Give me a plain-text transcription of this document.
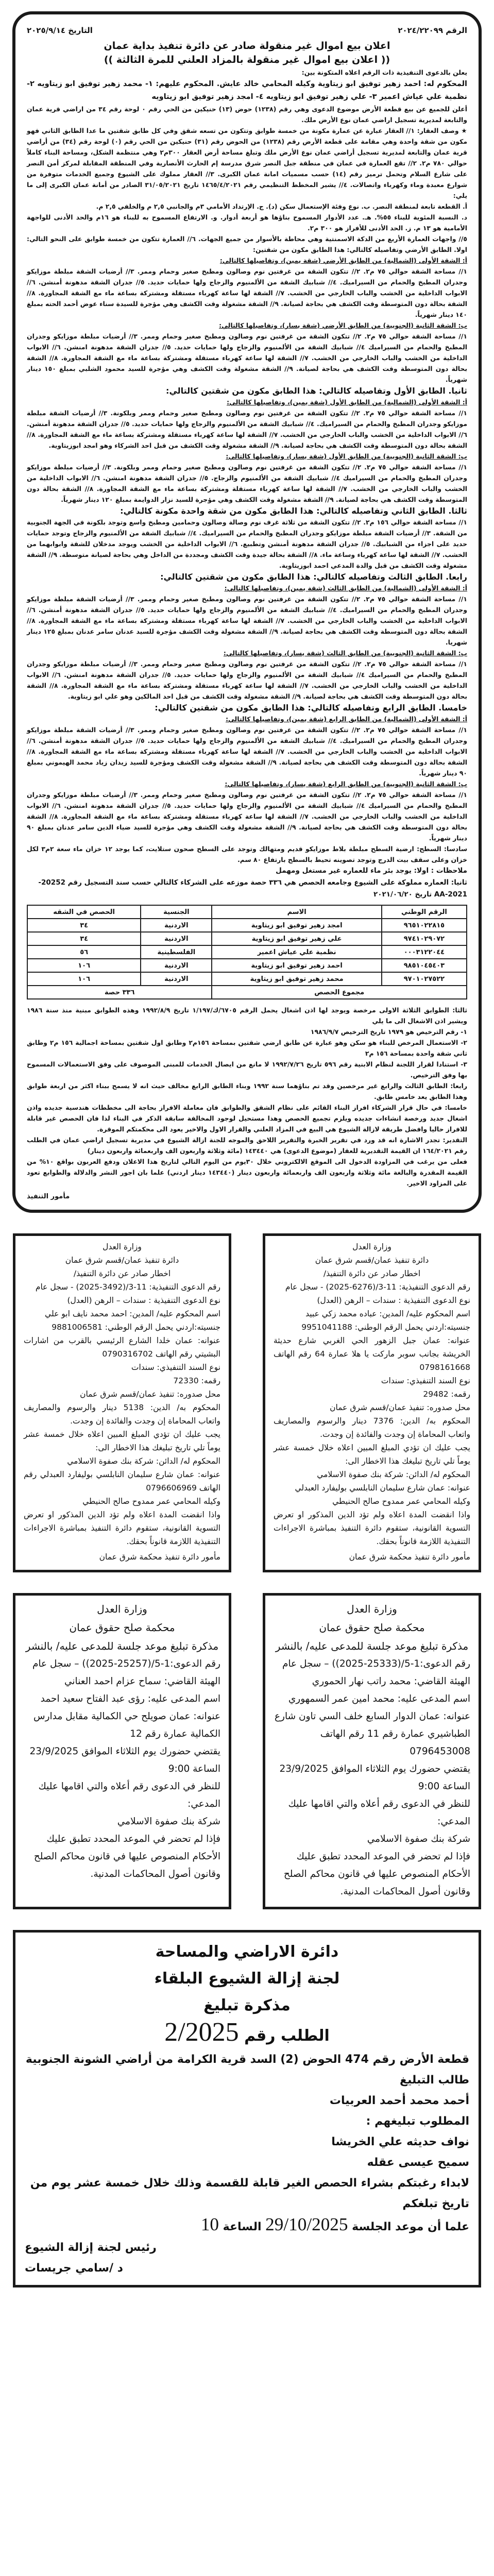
الرقم ٢٠٢٤/٢٢٠٩٩
التاريخ ٢٠٢٥/٩/١٤
اعلان بيع اموال غير منقولة صادر عن دائرة تنفيذ بداية عمان
(( اعلان بيع اموال غير منقولة بالمزاد العلني للمرة الثالثة ))

يعلن بالدعوى التنفيذية ذات الرقم اعلاه المتكونة بين:

المحكوم له: احمد زهير توفيق ابو زيتاوية وكيله المحامي خالد عايش. المحكوم عليهم: ١- محمد زهير توفيق ابو زيتاويه ٢-نظمية علي عياش اعمير ٣- علي زهير توفيق ابو زيتاويه ٤- امجد زهير توفيق ابو زيتاويه

أعلن للجميع عن بيع قطعة الأرض موضوع الدعوى وهي رقم (١٢٣٨) حوض (١٣) حنيكين من الحي رقم ٠ لوحة رقم ٣٤ من اراضي قرية عمان والتابعة لمديرية تسجيل اراضي عمان نوع الأرض ملك.

★ وصف العقار: ١// العقار عبارة عن عمارة مكونة من خمسة طوابق وتتكون من تسعه شقق وفي كل طابق شقتين ما عدا الطابق الثاني فهو مكون من شقة واحدة وهي مقامة على قطعة الأرض رقم (١٢٣٨) من الحوض رقم (٣١) حنيكين من الحي رقم (٠) لوحة رقم (٣٤) من أراضي قرية عمان والتابعة لمديرية تسجيل أراضي عمان نوع الأرض ملك وتبلغ مساحة أرض العقار ٣٠٠م٢ وهي منتظمة الشكل، ومساحة البناء كاملاً حوالي ٧٨٠ م٢. ٢// تقع العمارة في عمان في منطقة جبل النصر شرق مدرسة إم الحارث الأنصارية وفي المنطقة المقابلة لمركز أمن النصر على شارع السلام وتحمل ترميز رقم (١٤) حسب مسميات امانة عمان الكبرى. ٣// العقار مملوك على الشيوع وجميع الخدمات متوفرة من شوارع معبدة وماء وكهرباء واتصالات. ٤// يشير المخطط التنظيمي رقم ١٤٦٥/٤/٢٠٢١ تاريخ ٣١/٠٥/٢٠٢١ الصادر من أمانة عمان الكبرى إلى ما يلي:

أ. القطعة تابعة لمنطقة النصر. ب. نوع وفئة الإستعمال سكن (د). ج. الإرتداد الأمامي ٣م والجانبي ٢,٥ م والخلفي ٢,٥ م.

د. النسبة المئوية للبناء ٥٥%. هـ. عدد الأدوار المسموح بناؤها هو أربعة أدوار. و. الارتفاع المسموح به للبناء هو ١٦م والحد الأدنى للواجهة الأمامية هو ١٣ م. ز. الحد الأدنى للأفراز هو ٣٠٠ م٢.

٥// واجهات العمارة الأربع من الدكة الاسمنتية وهي محاطة بالأسوار من جميع الجهات. ٦// العمارة تتكون من خمسة طوابق على النحو التالي: اولا. الطابق الأرضي وتفاصيله كالتالي: هذا الطابق مكون من شقتين:

أ: الشقة الأولى (الشمالية) من الطابق الأرضي (شقة يمين)، وتفاصيلها كالتالي:

١// مساحة الشقة حوالي ٧٥ م٢. ٢// تتكون الشقة من غرفتين نوم وصالون ومطبخ صغير وحمام وممر. ٣// أرضيات الشقة مبلطة موزايكو وجدران المطبخ والحمام من السيراميك. ٤// شبابيك الشقة من الألمنيوم والزجاج ولها حمايات حديد. ٥// جدران الشقة مدهونة أمنشن. ٦// الابواب الداخلية من الخشب والباب الخارجي من الخشب. ٧// الشقة لها ساعة كهرباء مستقلة ومشتركة بساعة ماء مع الشقة المجاورة. ٨// الشقة بحالة دون المتوسطة وقت الكشف هي بحاجة لصيانة. ٩// الشقة مشغولة وقت الكشف وهي مؤجرة للسيدة سناء عوض أحمد الحته بمبلغ ١٤٠ دينار شهرياً.

ب: الشقة الثانية (الجنوبية) من الطابق الأرضي (شقة يسار)، وتفاصيلها كالتالي:

١// مساحة الشقة حوالي ٧٥ م٢. ٢// تتكون الشقة من غرفتين نوم وصالون ومطبخ صغير وحمام وممر. ٣// أرضيات مبلطة موزايكو وجدران المطبخ والحمام من السيراميك ٤// شبابيك الشقة من الألمنيوم والزجاج ولها حمايات حديد. ٥// جدران الشقة مدهونة امنشن. ٦// الابواب الداخلية من الخشب والباب الخارجي من الخشب. ٧// الشقة لها ساعة كهرباء مستقلة ومشتركة بساعة ماء مع الشقة المجاورة. ٨// الشقة بحالة دون المتوسطة وقت الكشف هي بحاجة لصيانة. ٩// الشقة مشغولة وقت الكشف وهي مؤجرة للسيد محمود الشلبي بمبلغ ١٥٠ دينار شهرياً.

ثانيا. الطابق الأول وتفاصيله كالتالي: هذا الطابق مكون من شقتين كالتالي:
أ: الشقة الأولى (الشمالية) من الطابق الأول (شقة يمين)، وتفاصيلها كالتالي:

١// مساحة الشقة حوالي ٧٥ م٢. ٢// تتكون الشقة من غرفتين نوم وصالون ومطبخ صغير وحمام وممر وبلكونة. ٣// أرضيات الشقة مبلطة موزايكو وجدران المطبخ والحمام من السيراميك. ٤// شبابيك الشقة من الألمنيوم والزجاج ولها حمايات حديد. ٥// جدران الشقة مدهونة أمنشن. ٦// الابواب الداخلية من الخشب والباب الخارجي من الخشب. ٧// الشقة لها ساعة كهرباء مستقلة ومشتركة بساعة ماء مع الشقة المجاورة. ٨// الشقة بحالة دون المتوسطة وقت الكشف هي بحاجة لصيانة. ٩// الشقة مشغولة وقت الكشف من قبل احد الشركاء وهو امجد ابوزيتاوية.

ب: الشقة الثانية (الجنوبية) من الطابق الأول (شقة يسار)، وتفاصيلها كالتالي:

١// مساحة الشقة حوالي ٧٥ م٢. ٢// تتكون الشقة من غرفتين نوم وصالون ومطبخ صغير وحمام وممر وبلكونة. ٣// أرضيات مبلطة موزايكو وجدران المطبخ والحمام من السيراميك ٤// شبابيك الشقة من الألمنيوم والزجاج. ٥// جدران الشقة مدهونة امنشن. ٦// الابواب الداخلية من الخشب والباب الخارجي من الخشب. ٧// الشقة لها ساعة كهرباء مستقلة ومشتركة بساعة ماء مع الشقة المجاورة. ٨// الشقة بحالة دون المتوسطة وقت الكشف هي بحاجة لصيانة. ٩// الشقة مشغولة وقت الكشف وهي مؤجرة للسيد نزار الدوايمة بمبلغ ١٢٠ دينار شهرياً.

ثالثا. الطابق الثاني وتفاصيله كالتالي: هذا الطابق مكون من شقة واحدة مكونة كالتالي:

١// مساحة الشقة حوالي ١٥٦ م٢. ٢// تتكون الشقة من ثلاثة غرف نوم وصالة وصالون وحمامين ومطبخ واسع وتوجد بلكونة في الجهة الجنوبية من الشقة. ٣// أرضيات الشقة مبلطة موزايكو وجدران المطبخ والحمام من السيراميك. ٤// شبابيك الشقة من الألمنيوم والزجاج وتوجد حمايات حديد على اجزاء من الشبابيك. ٥// جدران الشقة مدهونة أمنشن وتطبيع. ٦// الابواب الداخلية من الخشب ويوجد مدخلان للشقة وابوابهما من الخشب. ٧// الشقة لها ساعة كهرباء وساعة ماء. ٨// الشقة بحالة جيدة وقت الكشف ومجددة من الداخل وهي بحاجة لصيانة متوسطة. ٩// الشقة مشغولة وقت الكشف من قبل والدة المدعي احمد ابوزيتاوية.

رابعا. الطابق الثالث وتفاصيله كالتالي: هذا الطابق مكون من شقتين كالتالي:
أ: الشقة الأولى (الشمالية) من الطابق الثالث (شقة يمين)، وتفاصيلها كالتالي:

١// مساحة الشقة حوالي ٧٥ م٢. ٢// تتكون الشقة من غرفتين نوم وصالون ومطبخ صغير وحمام وممر. ٣// أرضيات الشقة مبلطة موزايكو وجدران المطبخ والحمام من السيراميك. ٤// شبابيك الشقة من الألمنيوم والزجاج ولها حمايات حديد. ٥// جدران الشقة مدهونة أمنشن. ٦// الابواب الداخلية من الخشب والباب الخارجي من الخشب. ٧// الشقة لها ساعة كهرباء مستقلة ومشتركة بساعة ماء مع الشقة المجاورة. ٨// الشقة بحالة دون المتوسطة وقت الكشف هي بحاجة لصيانة. ٩// الشقة مشغولة وقت الكشف مؤجرة للسيد عدنان سامر عدنان بمبلغ ١٢٥ دينار شهريا.

ب: الشقة الثانية (الجنوبية) من الطابق الثالث (شقة يسار)، وتفاصيلها كالتالي:

١// مساحة الشقة حوالي ٧٥ م٢. ٢// تتكون الشقة من غرفتين نوم وصالون ومطبخ صغير وحمام وممر. ٣// أرضيات مبلطة موزايكو وجدران المطبخ والحمام من السيراميك ٤// شبابيك الشقة من الألمنيوم والزجاج ولها حمايات حديد. ٥// جدران الشقة مدهونة امنشن. ٦// الابواب الداخلية من الخشب والباب الخارجي من الخشب. ٧// الشقة لها ساعة كهرباء مستقلة ومشتركة بساعة ماء مع الشقة المجاورة. ٨// الشقة بحالة دون المتوسطة وقت الكشف هي بحاجة لصيانة. ٩// الشقة مشغولة وقت الكشف من قبل احد المالكين وهو علي ابو زيتاوية.

خامسا. الطابق الرابع وتفاصيله كالتالي: هذا الطابق مكون من شقتين كالتالي:
أ: الشقة الأولى (الشمالية) من الطابق الرابع (شقة يمين)، وتفاصيلها كالتالي:

١// مساحة الشقة حوالي ٧٥ م٢. ٢// تتكون الشقة من غرفتين نوم وصالون ومطبخ صغير وحمام وممر. ٣// أرضيات الشقة مبلطة موزايكو وجدران المطبخ والحمام من السيراميك. ٤// شبابيك الشقة من الألمنيوم والزجاج ولها حمايات حديد. ٥// جدران الشقة مدهونة أمنشن. ٦// الابواب الداخلية من الخشب والباب الخارجي من الخشب. ٧// الشقة لها ساعة كهرباء مستقلة ومشتركة بساعة ماء مع الشقة المجاورة. ٨// الشقة بحالة دون المتوسطة وقت الكشف هي بحاجة لصيانة. ٩// الشقة مشغولة وقت الكشف ومؤجرة للسيد زيدان زياد محمد الهيموني بمبلغ ٩٠ دينار شهرياً.

ب: الشقة الثانية (الجنوبية) من الطابق الرابع (شقة يسار)، وتفاصيلها كالتالي:

١// مساحة الشقة حوالي ٧٥ م٢. ٢// تتكون الشقة من غرفتين نوم وصالون ومطبخ صغير وحمام وممر. ٣// أرضيات مبلطة موزايكو وجدران المطبخ والحمام من السيراميك ٤// شبابيك الشقة من الألمنيوم والزجاج ولها حمايات حديد. ٥// جدران الشقة مدهونة امنشن. ٦// الابواب الداخلية من الخشب والباب الخارجي من الخشب. ٧// الشقة لها ساعة كهرباء مستقلة ومشتركة بساعة ماء مع الشقة المجاورة. ٨// الشقة بحالة دون المتوسطة وقت الكشف هي بحاجة لصيانة. ٩// الشقة مشغولة وقت الكشف وهي مؤجرة للسيد ضياء الدين سامر عدنان بمبلغ ٩٠ دينار شهرياً.

سادسا: السطح: ارضية السطح مبلطة بلاط موزايكو قديم ومتهالك وتوجد على السطح صحون ستلايت، كما يوجد ١٢ خزان ماء سعة ٢م٣ لكل خزان وعلى سقف بيت الدرج وتوجد تصوينه تحيط بالسطح بارتفاع ٨٠ سم.

ملاحظات : اولا: يوجد بئر ماء للعماره غير مستغل ومهمل

ثانيا: العماره مملوكة على الشيوع وجامعه الحصص هي ٣٣٦ حصة موزعه على الشركاء كالتالي حسب سند التسجيل رقم 20252-AA-2021 تاريخ ٢٠٢١/٠٦/٢٠

الرقم الوطني	الاسم	الجنسية	الحصص في الشقه
٩٦٥١٠٢٢٨١٥	امجد زهير توفيق ابو زيتاوية	الاردنية	٣٤
٩٧٤١٠٢٩٠٧٢	علي زهير توفيق ابو زيتاوية	الاردنية	٣٤
٠٠٠٣١٢٢٠٤٤	نظمية علي عياش اعمير	الفلسطينية	٥٦
٩٨٥١٠٤٥٤٠٣	احمد زهير توفيق ابو زيتاوية	الاردنية	١٠٦
٩٧٠١٠٢٧٥٢٢	محمد زهير توفيق ابو زيتاوية	الاردنية	١٠٦
مجموع الحصص		٣٣٦ حصة	

ثالثا: الطوابق الثلاثة الاولى مرخصة ويوجد لها اذن اشغال يحمل الرقم ٦٧٠٥/ك/١/١٩٧ تاريخ ١٩٩٢/٨/٩ وهذه الطوابق مبنية منذ سنة ١٩٨٦ ويشير اذن الاشغال الى ما يلي

١- رقم الترخيص هو ١٩٧٩ تاريخ الترخيص ١٩٨٦/٩/٧

٢- الاستعمال المرخص للبناء هو سكن وهو عبارة عن طابق ارضي شقتين بمساحة ١٥٦م٢ وطابق اول شقتين بمساحة اجمالية ١٥٦ م٢ وطابق ثاني شقة واحدة بمساحة ١٥٦ م٢

٣- استنادا لقرار اللجنة لنظام الابنية رقم ٥٩٦ تاريخ ١٩٩٢/٧/٢٦ لا مانع من ايصال الخدمات للمبنى الموصوف على وفق الاستعمالات المسموح بها وفق الترخيص.

رابعا: الطابق الثالث والرابع غير مرخصين وقد تم بناؤهما سنة ١٩٩٢ وبناء الطابق الرابع مخالف حيث انه لا يسمح ببناء اكثر من اربعة طوابق وهذا الطابق يعد خامس طابق.

خامسا: في حال قرار الشركاء افراز البناء القائم على نظام الشقق والطوابق فان معاملة الافراز بحاجة الى مخططات هندسية جديده واذن اشغال جديد ورخصة انشاءات جديده ويلزم تجميع الحصص وهذا مستحيل لوجود المخالفة سابقة الذكر في البناء لذا فان الحصص غير قابلة للافراز حاليا وافضل طريقة لازالة الشيوع هي البيع في المزاد العلني والقرار الاول والاخير يعود الى محكمتكم الموقرة.

التقدير: تجدر الاشارة انه قد ورد في تقرير الخبرة والتقرير اللاحق والموجه للجنة ازالة الشيوع في مديرية تسجيل اراضي عمان في الطلب رقم ١٦٤/٢٠٢١ ان القيمة التقديرية للعقار (موضوع الدعوى) هي ١٤٣٤٤٠ (مائة وثلاثة واربعون الف واربعمائة واربعون دينار)

فعلى من يرغب في المزاودة الدخول الى الموقع الالكتروني خلال ٣٠يوم من اليوم التالي لتاريخ هذا الاعلان ودفع العربون بواقع ١٠% من القيمة المقدرة والبالغة مائة وثلاثة واربعون الف واربعمائة واربعون دينار (١٤٣٤٤٠ دينار اردني) علما بان اجور النشر والدلالة والطوابع تعود على المزاود الاخير.

مأمور التنفيذ
وزارة العدل
دائرة تنفيذ عمان/قسم شرق عمان
اخطار صادر عن دائرة التنفيذ/
رقم الدعوى التنفيذية: 11-3/(6276-2025) - سجل عام
نوع الدعوى التنفيذية : سندات – الرهن (العدل)
اسم المحكوم عليه/ المدين: عباده محمد زكي عبيد
جنسيته:اردني يحمل الرقم الوطني: 9951041188
عنوانه: عمان جبل الزهور الحي الغربي شارع حديثة الخريشة بجانب سوبر ماركت يا هلا عمارة 64 رقم الهاتف 0798161668
نوع السند التنفيذي: سندات
رقمه: 29482
محل صدوره: تنفيذ عمان/قسم شرق عمان
المحكوم به/ الدين: 7376 دينار والرسوم والمصاريف واتعاب المحاماة إن وجدت والفائدة إن وجدت.
يجب عليك ان تؤدي المبلغ المبين اعلاه خلال خمسة عشر يوماً تلي تاريخ تبليغك هذا الاخطار الى:
المحكوم له/ الدائن: شركة بنك صفوة الاسلامي
عنوانه: عمان شارع سليمان النابلسي بوليفارد العبدلي
وكيله المحامي عمر ممدوح صالح الحنيطي
واذا انقضت المدة اعلاه ولم تؤد الدين المذكور او تعرض التسوية القانونية، ستقوم دائرة التنفيذ بمباشرة الاجراءات التنفيذية اللازمة قانوناً بحقك.
مأمور دائرة تنفيذ محكمة شرق عمان
وزارة العدل
دائرة تنفيذ عمان/قسم شرق عمان
اخطار صادر عن دائرة التنفيذ/
رقم الدعوى التنفيذية: 11-3/(3492-2025) - سجل عام
نوع الدعوى التنفيذية : سندات – الرهن (العدل)
اسم المحكوم عليه/ المدين: احمد محمد نايف ابو علي
جنسيته:اردني يحمل الرقم الوطني: 9881006581
عنوانه: عمان خلدا الشارع الرئيسي بالقرب من اشارات البشيتي رقم الهاتف 0790316702
نوع السند التنفيذي: سندات
رقمه: 72330
محل صدوره: تنفيذ عمان/قسم شرق عمان
المحكوم به/ الدين: 5138 دينار والرسوم والمصاريف واتعاب المحاماة إن وجدت والفائدة إن وجدت.
يجب عليك ان تؤدي المبلغ المبين اعلاه خلال خمسة عشر يوماً تلي تاريخ تبليغك هذا الاخطار الى:
المحكوم له/ الدائن: شركة بنك صفوة الاسلامي
عنوانه: عمان شارع سليمان النابلسي بوليفارد العبدلي رقم الهاتف 0796606969
وكيله المحامي عمر ممدوح صالح الحنيطي
واذا انقضت المدة اعلاه ولم تؤد الدين المذكور او تعرض التسوية القانونية، ستقوم دائرة التنفيذ بمباشرة الاجراءات التنفيذية اللازمة قانوناً بحقك.
مأمور دائرة تنفيذ محكمة شرق عمان
وزارة العدل
محكمة صلح حقوق عمان
مذكرة تبليغ موعد جلسة للمدعى عليه/ بالنشر
رقم الدعوى:1-5/(25333-2025)) – سجل عام
الهيئة القاضي: محمد راتب نهار الحموري
اسم المدعى عليه: محمد امين عمر السمهوري
عنوانه: عمان الدوار السابع خلف السي تاون شارع الطباشيري عمارة رقم 11 رقم الهاتف 0796453008
يقتضي حضورك يوم الثلاثاء الموافق 23/9/2025 الساعة 9:00
للنظر في الدعوى رقم أعلاه والتي اقامها عليك المدعي:
شركة بنك صفوة الاسلامي
فإذا لم تحضر في الموعد المحدد تطبق عليك الأحكام المنصوص عليها في قانون محاكم الصلح وقانون أصول المحاكمات المدنية.
وزارة العدل
محكمة صلح حقوق عمان
مذكرة تبليغ موعد جلسة للمدعى عليه/ بالنشر
رقم الدعوى:1-5/(25257-2025)) – سجل عام
الهيئة القاضي: سماح عزام احمد العناني
اسم المدعى عليه: رؤى عبد الفتاح سعيد احمد
عنوانه: عمان صويلح حي الكمالية مقابل مدارس الكمالية عمارة رقم 12
يقتضي حضورك يوم الثلاثاء الموافق 23/9/2025 الساعة 9:00
للنظر في الدعوى رقم أعلاه والتي اقامها عليك المدعي:
شركة بنك صفوة الاسلامي
فإذا لم تحضر في الموعد المحدد تطبق عليك الأحكام المنصوص عليها في قانون محاكم الصلح وقانون أصول المحاكمات المدنية.
دائرة الاراضي والمساحة
لجنة إزالة الشيوع البلقاء
مذكرة تبليغ
الطلب رقم 2/2025
قطعة الأرض رقم 474 الحوض (2) السد قرية الكرامة من أراضي الشونة الجنوبية
طالب التبليغ
أحمد محمد أحمد العربيات
المطلوب تبليغهم :
نواف حديثه علي الخريشا
سميح عيسى عقله
لابداء رغبتكم بشراء الحصص الغير قابلة للقسمة وذلك خلال خمسة عشر يوم من تاريخ تبلغكم
علما أن موعد الجلسة 29/10/2025 الساعة 10
رئيس لجنة إزالة الشيوع
د /سامي جريسات
